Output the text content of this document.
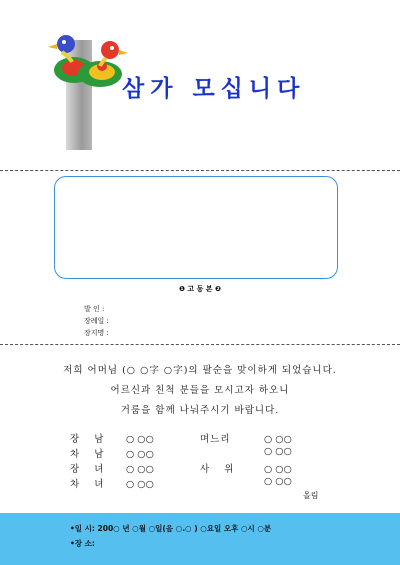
삼가 모십니다
❶ 고 동 본 ❷
발 인 :
장례일 :
장지명 :
저희 어머님 (○ ○字 ○字)의 팔순을 맞이하게 되었습니다.
어르신과 친척 분들을 모시고자 하오니
거룸을 함께 나눠주시기 바랍니다.
장 남 ○ ○○
차 남 ○ ○○
장 녀 ○ ○○
차 녀 ○ ○○
며느리	○ ○○
○ ○○
사 위	○ ○○
○ ○○
올림
•일 시: 200○ 년 ○월 ○일(음 ○.○ ) ○요일 오후 ○시 ○분
•장 소:
